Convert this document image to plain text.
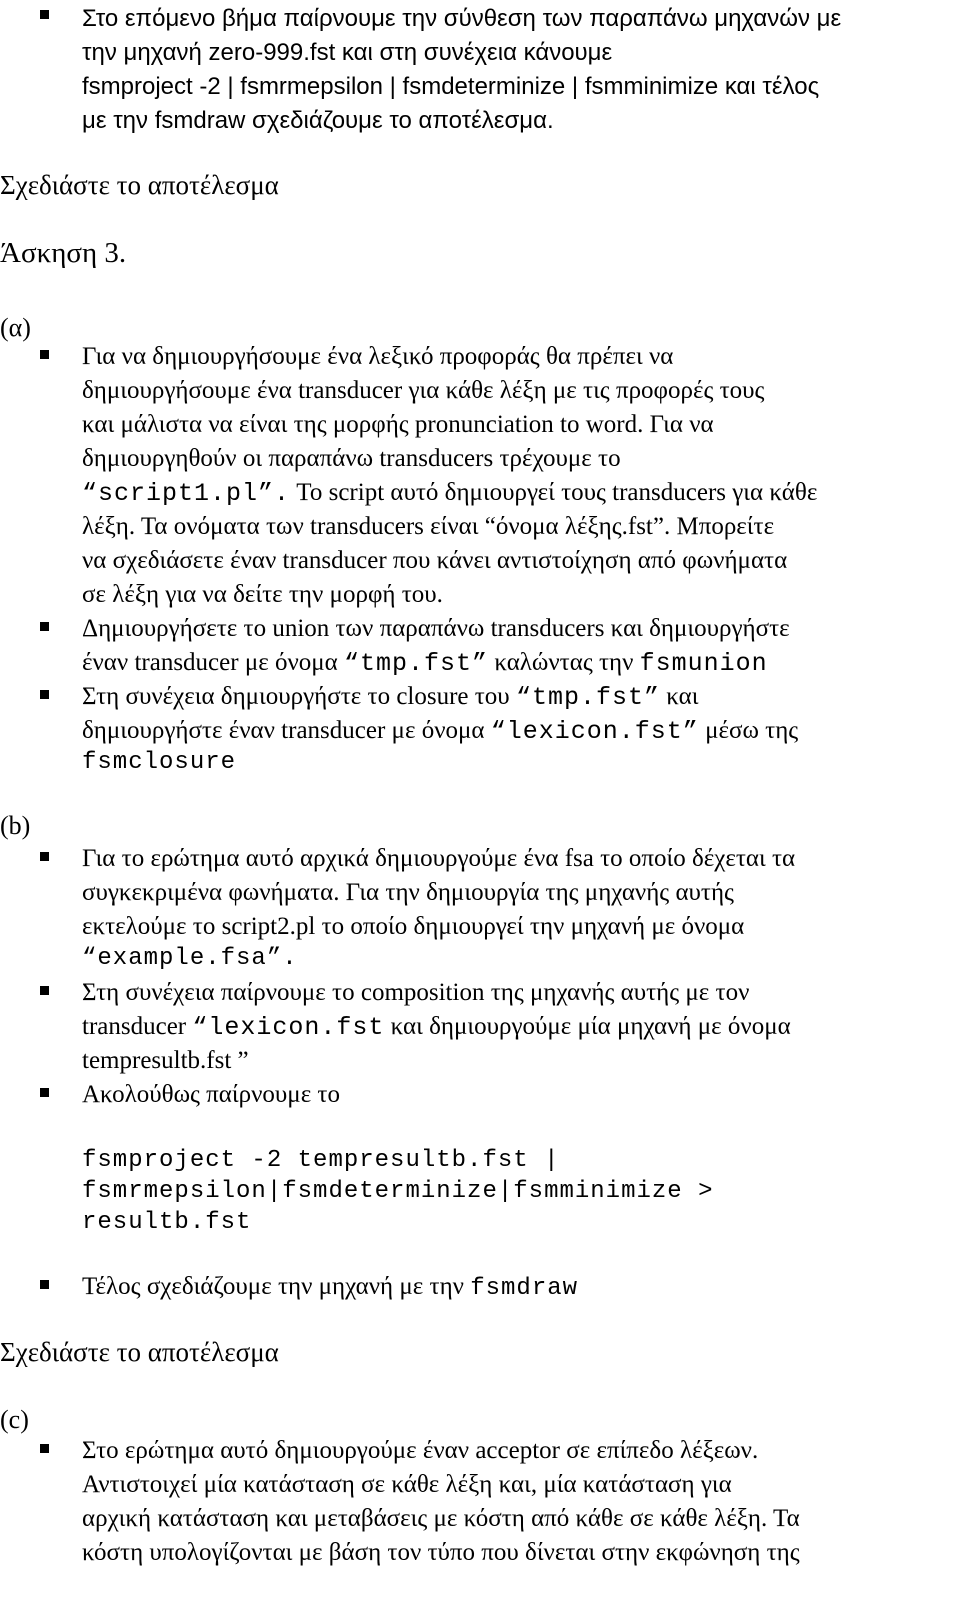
Στο επόμενο βήμα παίρνουμε την σύνθεση των παραπάνω μηχανών με
την μηχανή zero-999.fst και στη συνέχεια κάνουμε
fsmproject -2 | fsmrmepsilon | fsmdeterminize | fsmminimize και τέλος
με την fsmdraw σχεδιάζουμε το αποτέλεσμα.
Σχεδιάστε το αποτέλεσμα
Άσκηση 3.
(α)
Για να δημιουργήσουμε ένα λεξικό προφοράς θα πρέπει να
δημιουργήσουμε ένα transducer για κάθε λέξη με τις προφορές τους
και μάλιστα να είναι της μορφής pronunciation to word. Για να
δημιουργηθούν οι παραπάνω transducers τρέχουμε το
“script1.pl”. Το script αυτό δημιουργεί τους transducers για κάθε
λέξη. Τα ονόματα των transducers είναι “όνομα λέξης.fst”. Μπορείτε
να σχεδιάσετε έναν transducer που κάνει αντιστοίχηση από φωνήματα
σε λέξη για να δείτε την μορφή του.
Δημιουργήσετε το union των παραπάνω transducers και δημιουργήστε
έναν transducer με όνομα “tmp.fst” καλώντας την fsmunion
Στη συνέχεια δημιουργήστε το closure του “tmp.fst” και
δημιουργήστε έναν transducer με όνομα “lexicon.fst” μέσω της
fsmclosure
(b)
Για το ερώτημα αυτό αρχικά δημιουργούμε ένα fsa το οποίο δέχεται τα
συγκεκριμένα φωνήματα. Για την δημιουργία της μηχανής αυτής
εκτελούμε το script2.pl το οποίο δημιουργεί την μηχανή με όνομα
“example.fsa”.
Στη συνέχεια παίρνουμε το composition της μηχανής αυτής με τον
transducer “lexicon.fst και δημιουργούμε μία μηχανή με όνομα
tempresultb.fst ”
Ακολούθως παίρνουμε το
fsmproject -2 tempresultb.fst |
fsmrmepsilon|fsmdeterminize|fsmminimize >
resultb.fst
Τέλος σχεδιάζουμε την μηχανή με την fsmdraw
Σχεδιάστε το αποτέλεσμα
(c)
Στο ερώτημα αυτό δημιουργούμε έναν acceptor σε επίπεδο λέξεων.
Αντιστοιχεί μία κατάσταση σε κάθε λέξη και, μία κατάσταση για
αρχική κατάσταση και μεταβάσεις με κόστη από κάθε σε κάθε λέξη. Τα
κόστη υπολογίζονται με βάση τον τύπο που δίνεται στην εκφώνηση της
